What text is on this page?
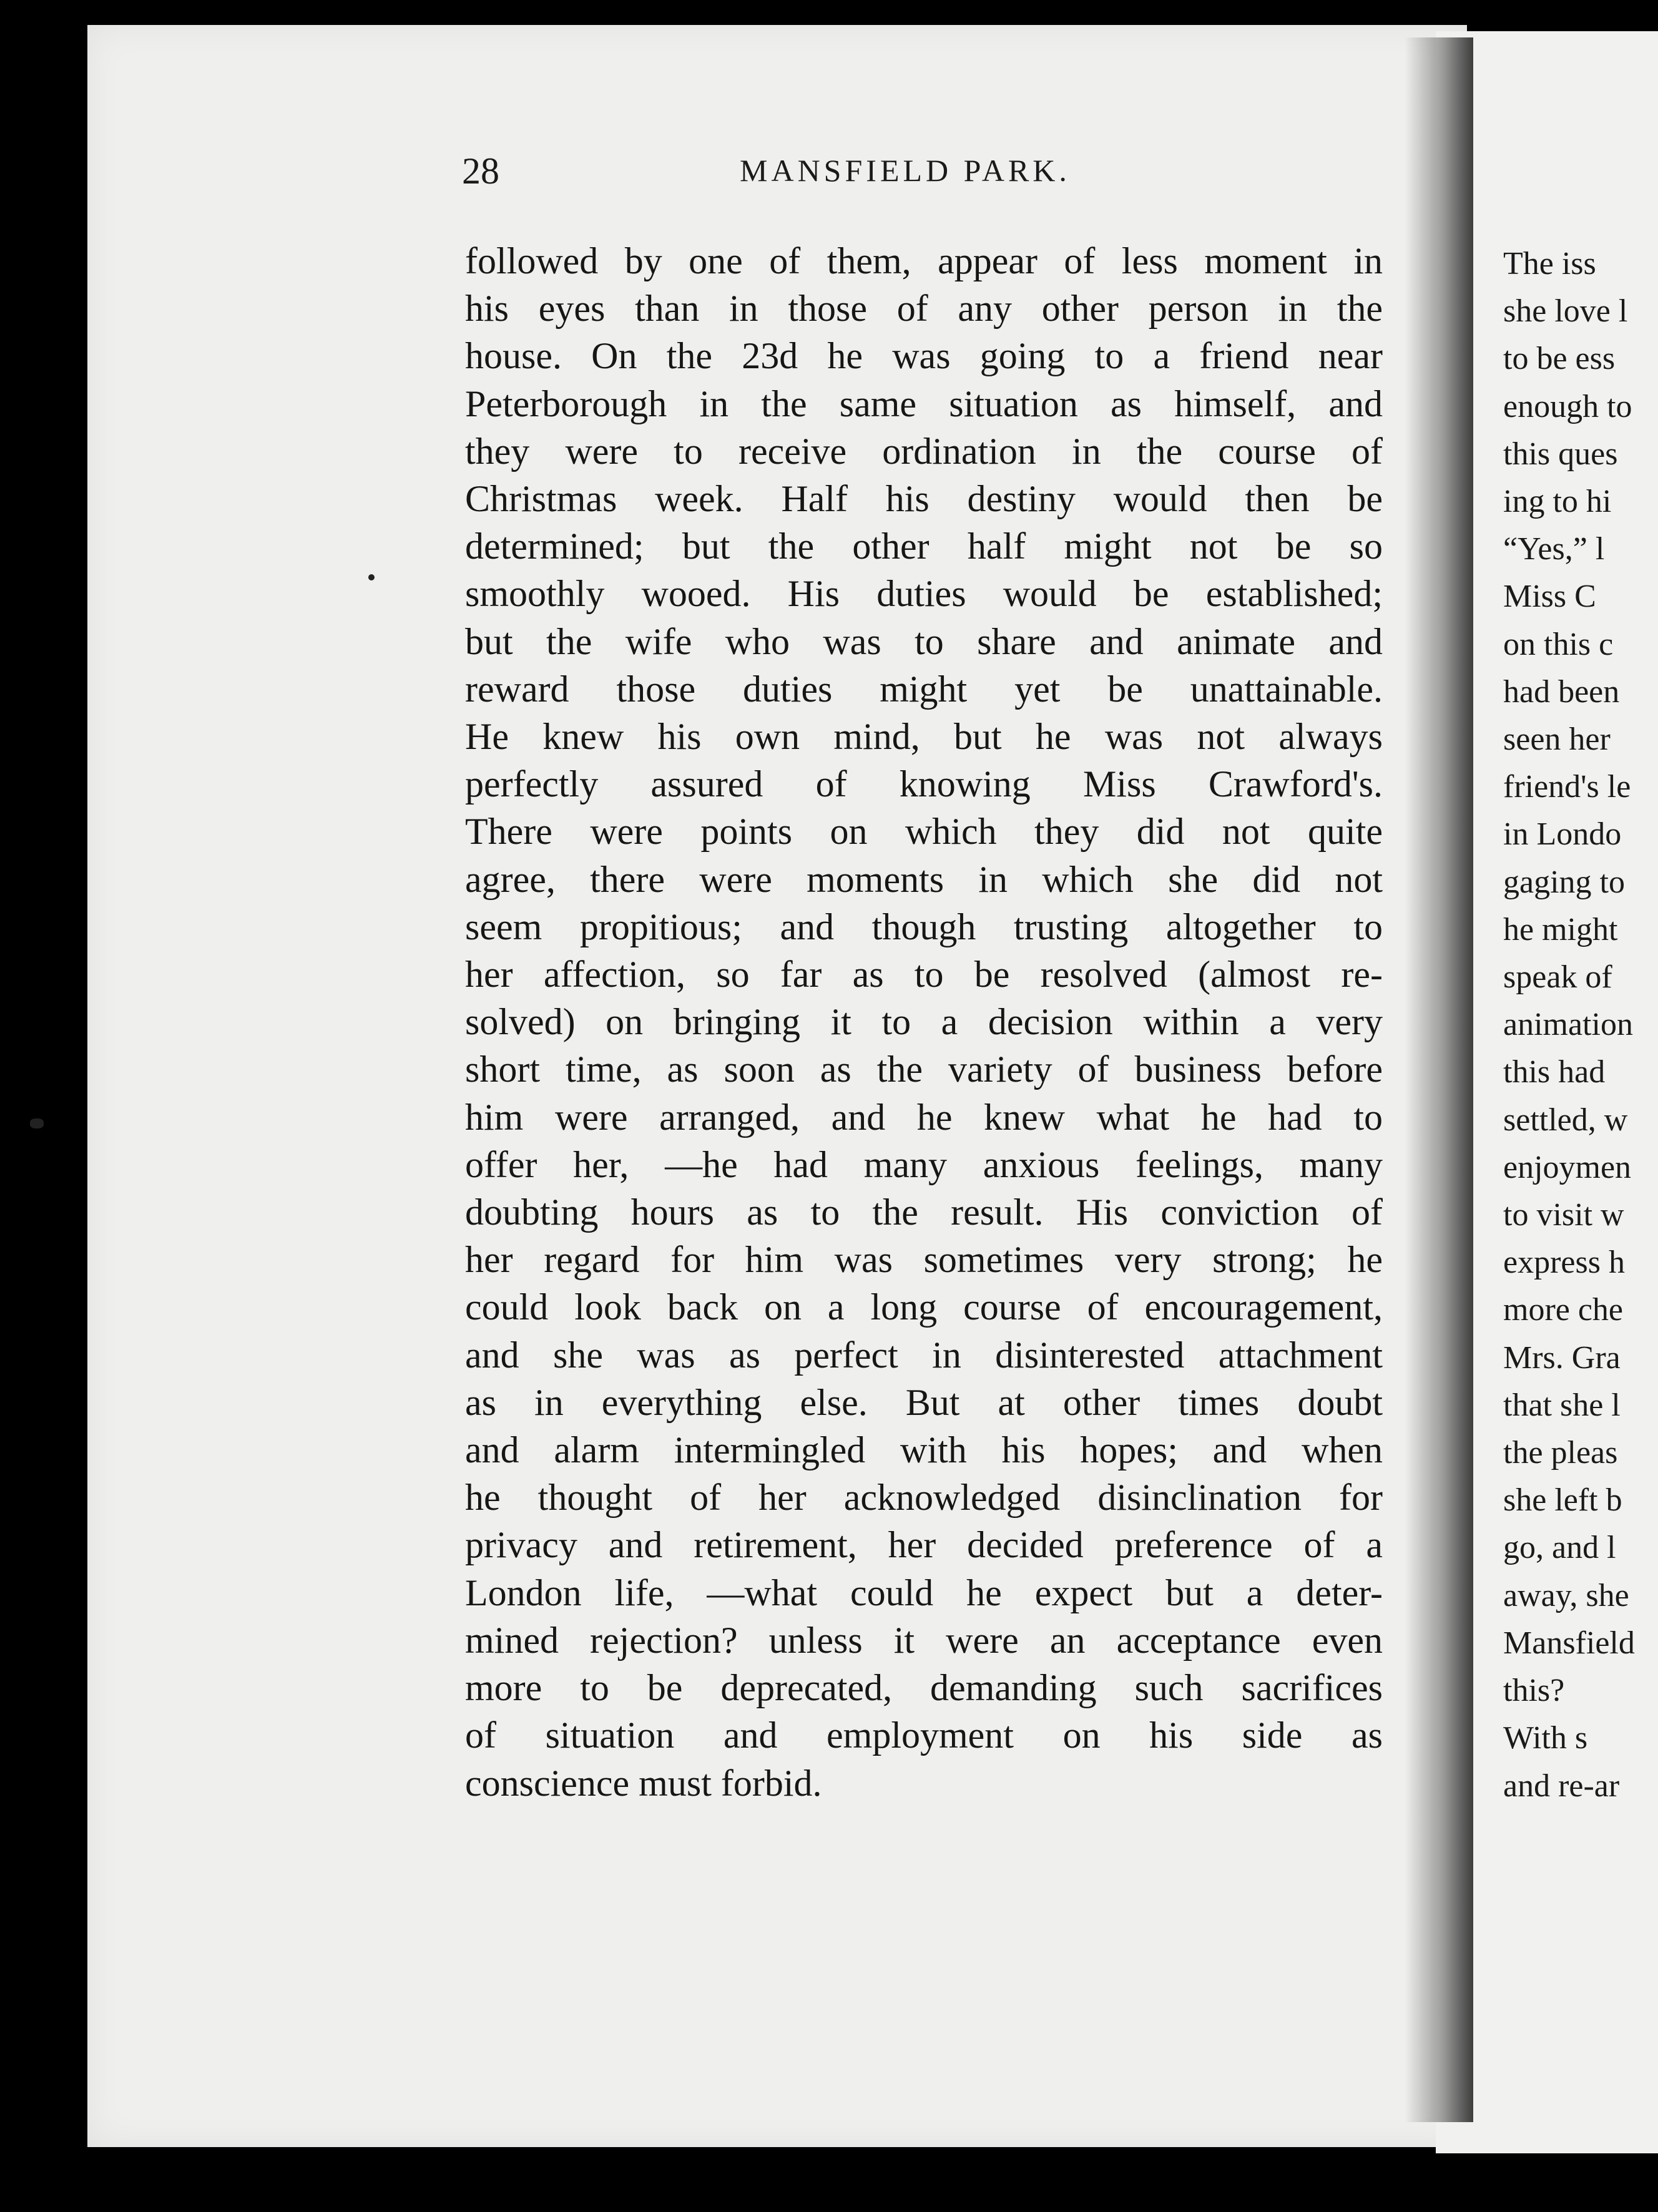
28	MANSFIELD PARK.
followed by one of them, appear of less moment in
his eyes than in those of any other person in the
house. On the 23d he was going to a friend near
Peterborough in the same situation as himself, and
they were to receive ordination in the course of
Christmas week. Half his destiny would then be
determined; but the other half might not be so
smoothly wooed. His duties would be established;
but the wife who was to share and animate and
reward those duties might yet be unattainable.
He knew his own mind, but he was not always
perfectly assured of knowing Miss Crawford's.
There were points on which they did not quite
agree, there were moments in which she did not
seem propitious; and though trusting altogether to
her affection, so far as to be resolved (almost re-
solved) on bringing it to a decision within a very
short time, as soon as the variety of business before
him were arranged, and he knew what he had to
offer her, —he had many anxious feelings, many
doubting hours as to the result. His conviction of
her regard for him was sometimes very strong; he
could look back on a long course of encouragement,
and she was as perfect in disinterested attachment
as in everything else. But at other times doubt
and alarm intermingled with his hopes; and when
he thought of her acknowledged disinclination for
privacy and retirement, her decided preference of a
London life, —what could he expect but a deter-
mined rejection? unless it were an acceptance even
more to be deprecated, demanding such sacrifices
of situation and employment on his side as
conscience must forbid.
The iss
she love l
to be ess
enough to
this ques
ing to hi
“Yes,” l
Miss C
on this c
had been
seen her
friend's le
in Londo
gaging to
he might
speak of
animation
this had
settled, w
enjoymen
to visit w
express h
more che
Mrs. Gra
that she l
the pleas
she left b
go, and l
away, she
Mansfield
this?
With s
and re-ar
